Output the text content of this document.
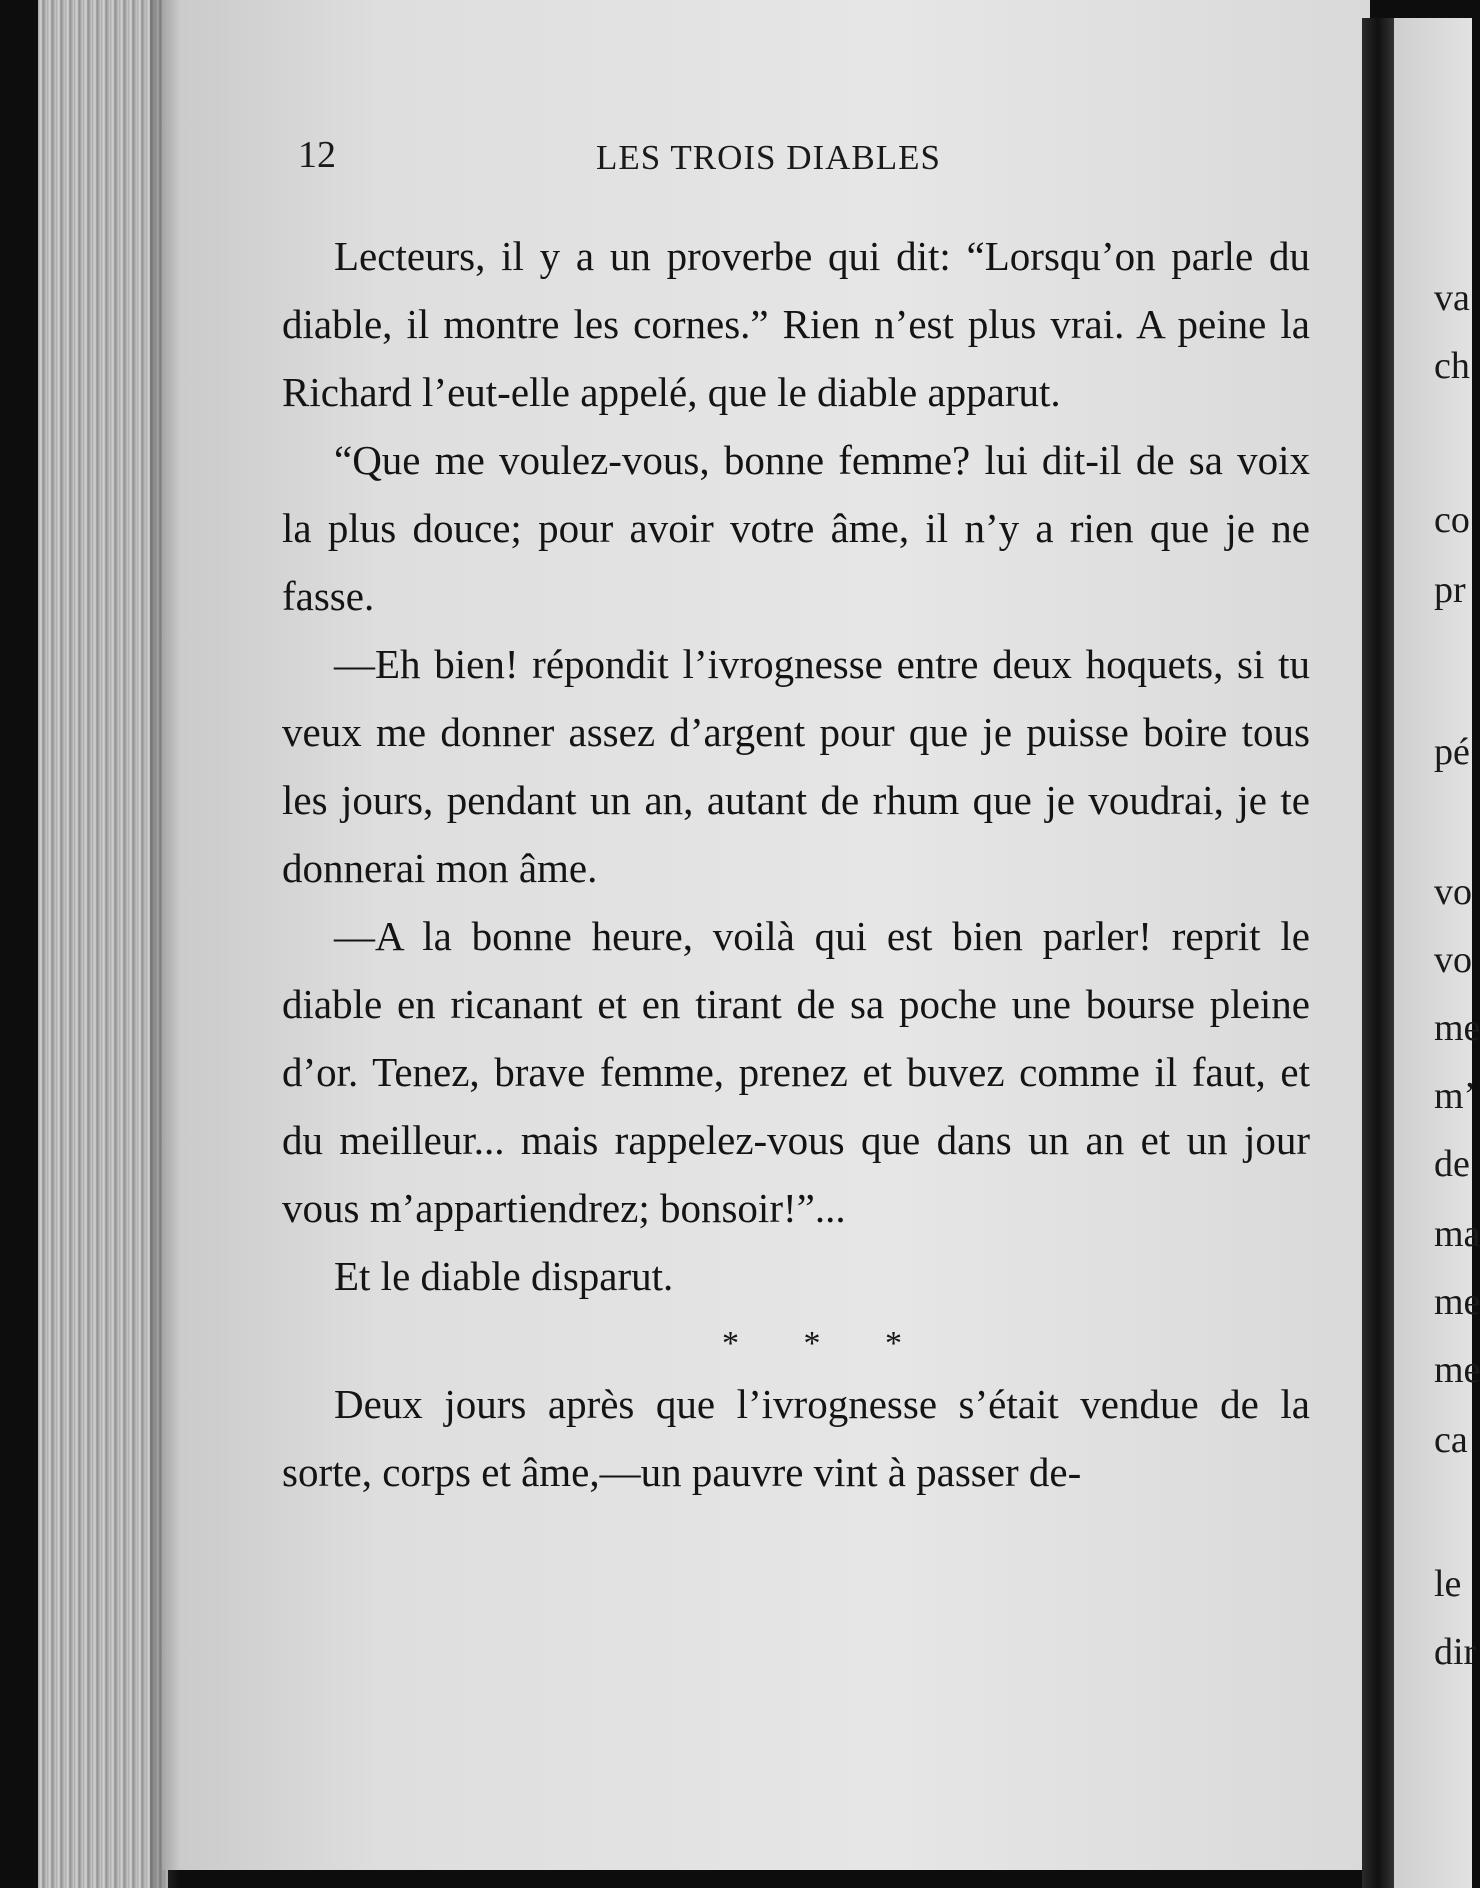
va
ch
co
pr
pé
vo
vo
me
m’
de
ma
me
me
ca
le
dir
12	LES TROIS DIABLES

Lecteurs, il y a un proverbe qui dit: “Lorsqu’on parle du diable, il montre les cornes.” Rien n’est plus vrai. A peine la Richard l’eut-elle appelé, que le diable apparut.

“Que me voulez-vous, bonne femme? lui dit-il de sa voix la plus douce; pour avoir votre âme, il n’y a rien que je ne fasse.

—Eh bien! répondit l’ivrognesse entre deux hoquets, si tu veux me donner assez d’argent pour que je puisse boire tous les jours, pendant un an, autant de rhum que je voudrai, je te donnerai mon âme.

—A la bonne heure, voilà qui est bien parler! reprit le diable en ricanant et en tirant de sa poche une bourse pleine d’or. Tenez, brave femme, prenez et buvez comme il faut, et du meilleur... mais rappelez-vous que dans un an et un jour vous m’appartiendrez; bonsoir!”...

Et le diable disparut.

* * *

Deux jours après que l’ivrognesse s’était vendue de la sorte, corps et âme,—un pauvre vint à passer de-
